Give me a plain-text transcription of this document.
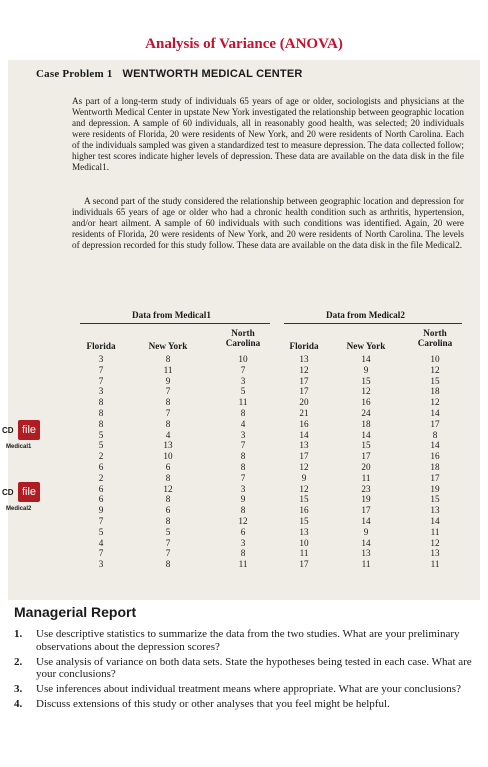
Analysis of Variance (ANOVA)
Case Problem 1 WENTWORTH MEDICAL CENTER

As part of a long-term study of individuals 65 years of age or older, sociologists and physicians at the Wentworth Medical Center in upstate New York investigated the relationship between geographic location and depression. A sample of 60 individuals, all in reasonably good health, was selected; 20 individuals were residents of Florida, 20 were residents of New York, and 20 were residents of North Carolina. Each of the individuals sampled was given a standardized test to measure depression. The data collected follow; higher test scores indicate higher levels of depression. These data are available on the data disk in the file Medical1.

A second part of the study considered the relationship between geographic location and depression for individuals 65 years of age or older who had a chronic health condition such as arthritis, hypertension, and/or heart ailment. A sample of 60 individuals with such conditions was identified. Again, 20 were residents of Florida, 20 were residents of New York, and 20 were residents of North Carolina. The levels of depression recorded for this study follow. These data are available on the data disk in the file Medical2.

Data from Medical1
Florida	New York
North Carolina
3
7
7
3
8
8
8
5
5
2
6
2
6
6
9
7
5
4
7
3
8
11
9
7
8
7
8
4
13
10
6
8
12
8
6
8
5
7
7
8
10
7
3
5
11
8
4
3
7
8
8
7
3
9
8
12
6
3
8
11
Data from Medical2
Florida	New York
North Carolina
13
12
17
17
20
21
16
14
13
17
12
9
12
15
16
15
13
10
11
17
14
9
15
12
16
24
18
14
15
17
20
11
23
19
17
14
9
14
13
11
10
12
15
18
12
14
17
8
14
16
18
17
19
15
13
14
11
12
13
11
CD file
Medical1
CD file
Medical2
Managerial Report
1. Use descriptive statistics to summarize the data from the two studies. What are your preliminary observations about the depression scores?
2. Use analysis of variance on both data sets. State the hypotheses being tested in each case. What are your conclusions?
3. Use inferences about individual treatment means where appropriate. What are your conclusions?
4. Discuss extensions of this study or other analyses that you feel might be helpful.
